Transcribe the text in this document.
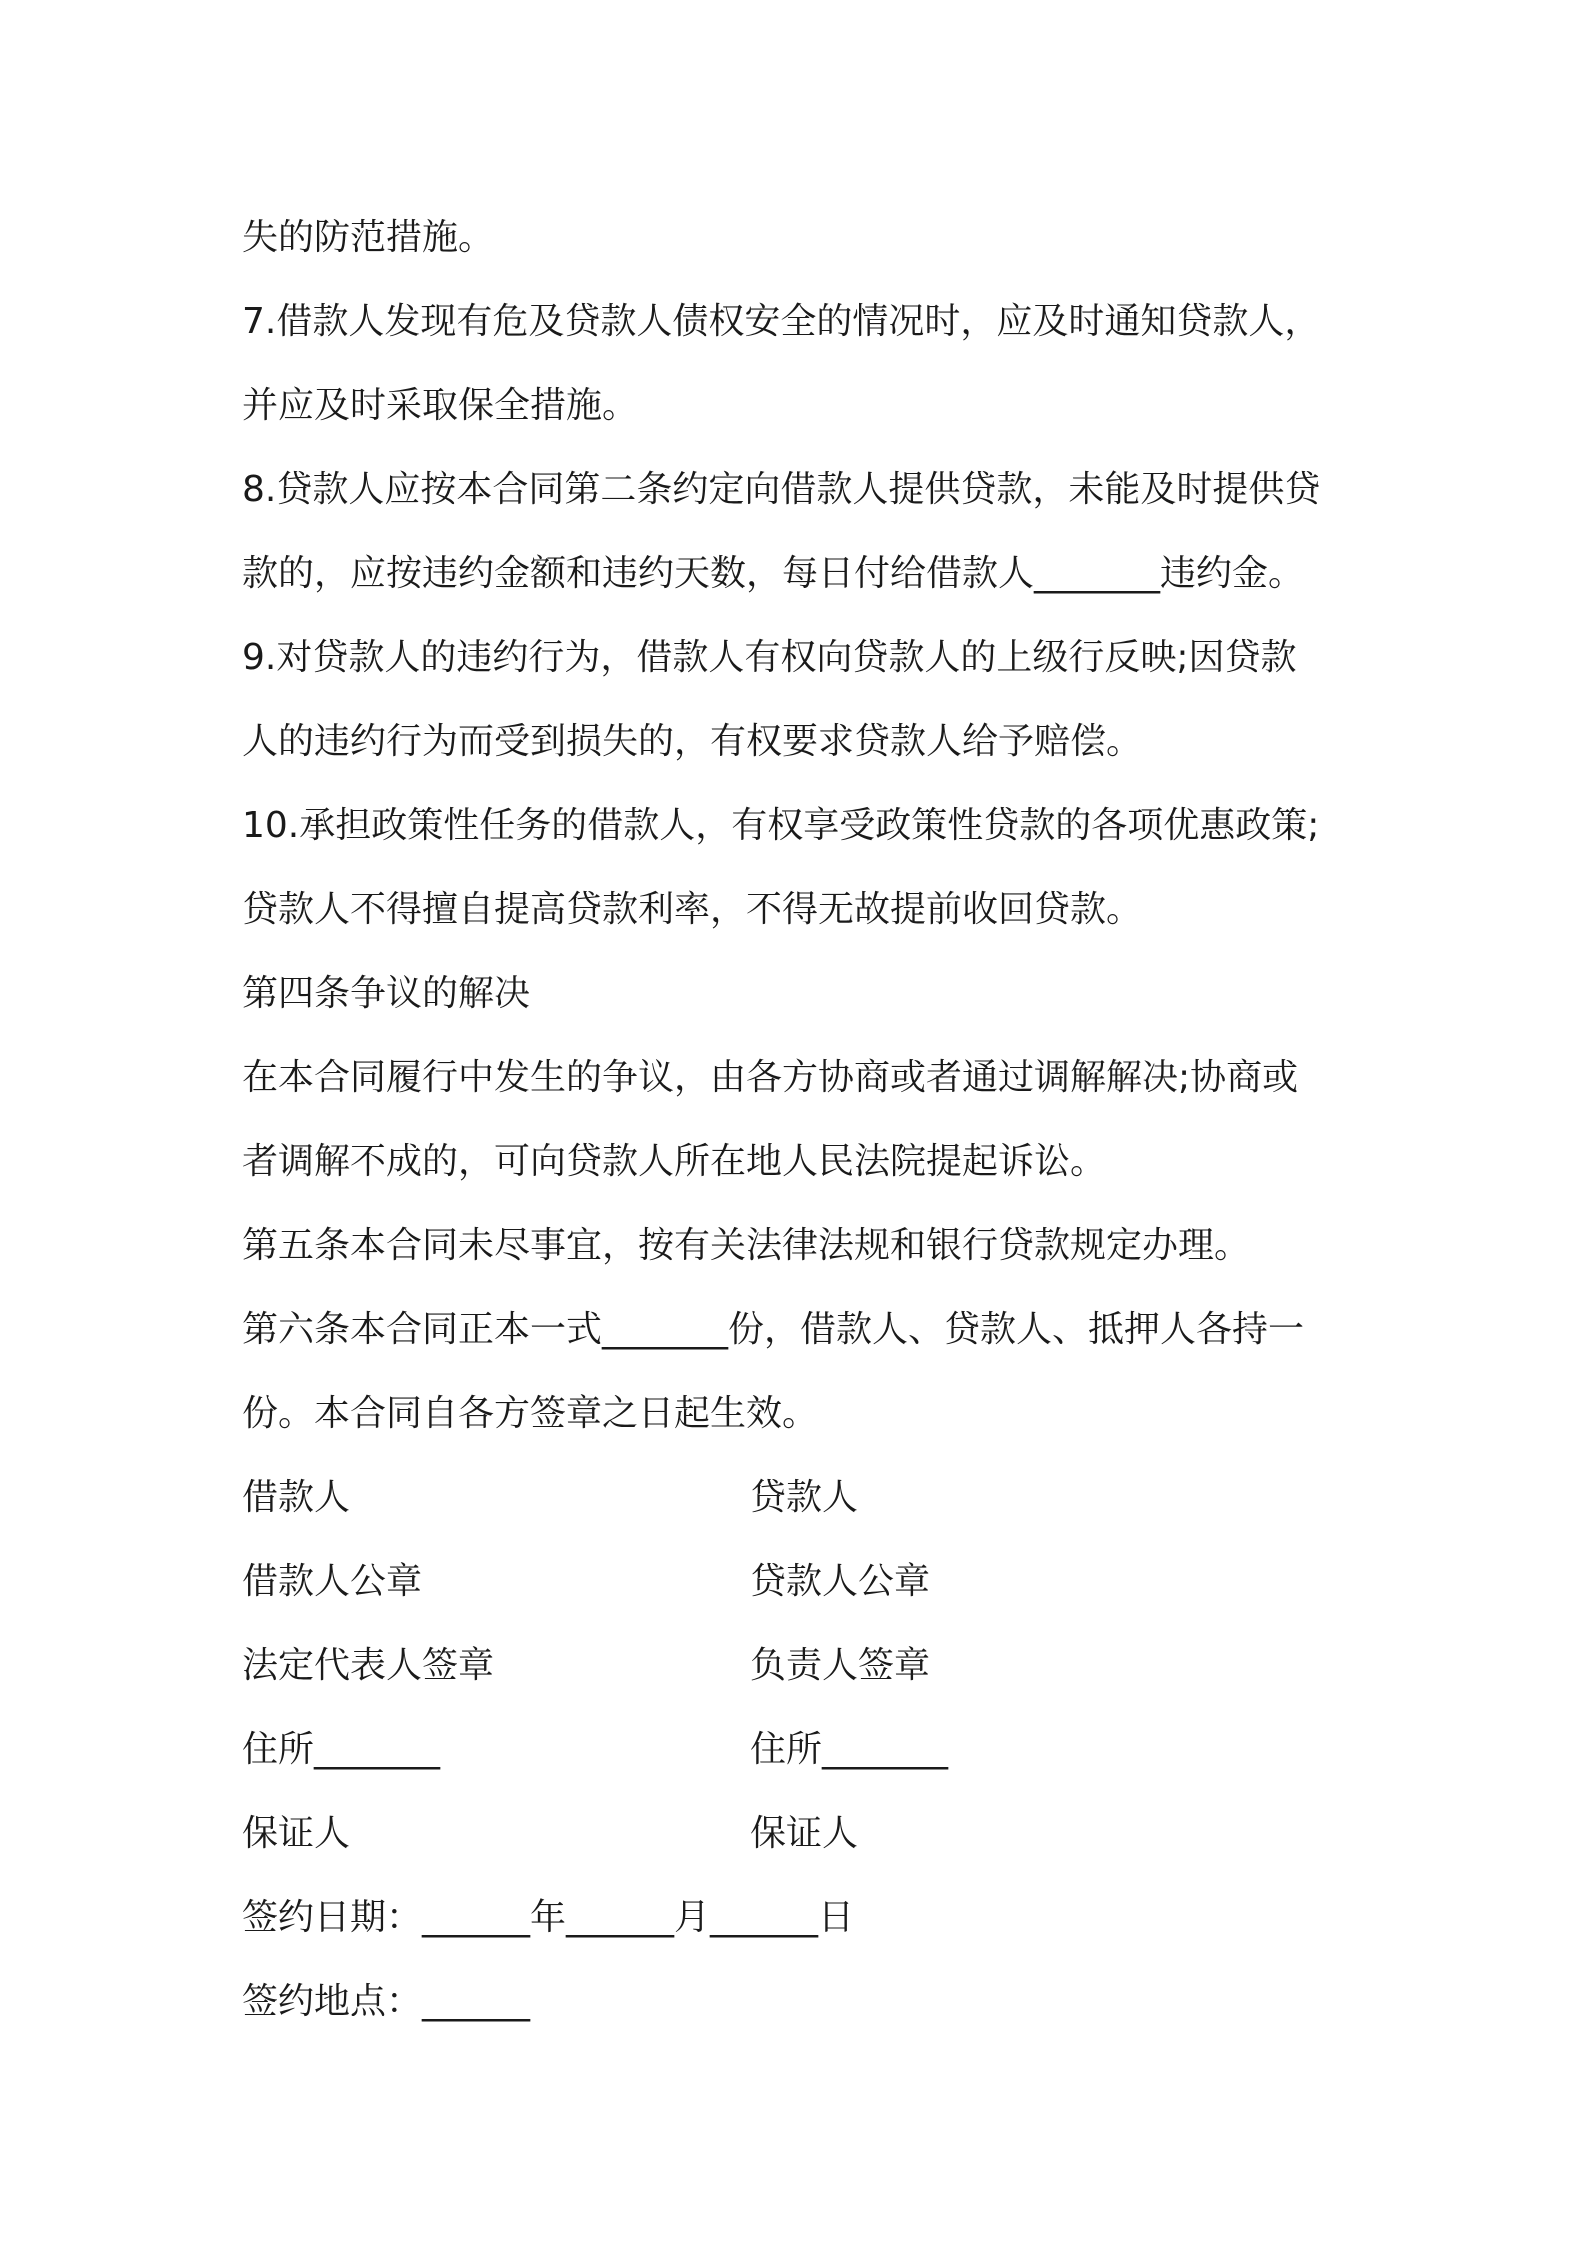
失的防范措施。
7.借款人发现有危及贷款人债权安全的情况时，应及时通知贷款人，
并应及时采取保全措施。
8.贷款人应按本合同第二条约定向借款人提供贷款，未能及时提供贷
款的，应按违约金额和违约天数，每日付给借款人_______违约金。
9.对贷款人的违约行为，借款人有权向贷款人的上级行反映;因贷款
人的违约行为而受到损失的，有权要求贷款人给予赔偿。
10.承担政策性任务的借款人，有权享受政策性贷款的各项优惠政策;
贷款人不得擅自提高贷款利率，不得无故提前收回贷款。
第四条争议的解决
在本合同履行中发生的争议，由各方协商或者通过调解解决;协商或
者调解不成的，可向贷款人所在地人民法院提起诉讼。
第五条本合同未尽事宜，按有关法律法规和银行贷款规定办理。
第六条本合同正本一式_______份，借款人、贷款人、抵押人各持一
份。本合同自各方签章之日起生效。
借款人	贷款人
借款人公章	贷款人公章
法定代表人签章	负责人签章
住所_______	住所_______
保证人	保证人
签约日期：______年______月______日
签约地点：______
